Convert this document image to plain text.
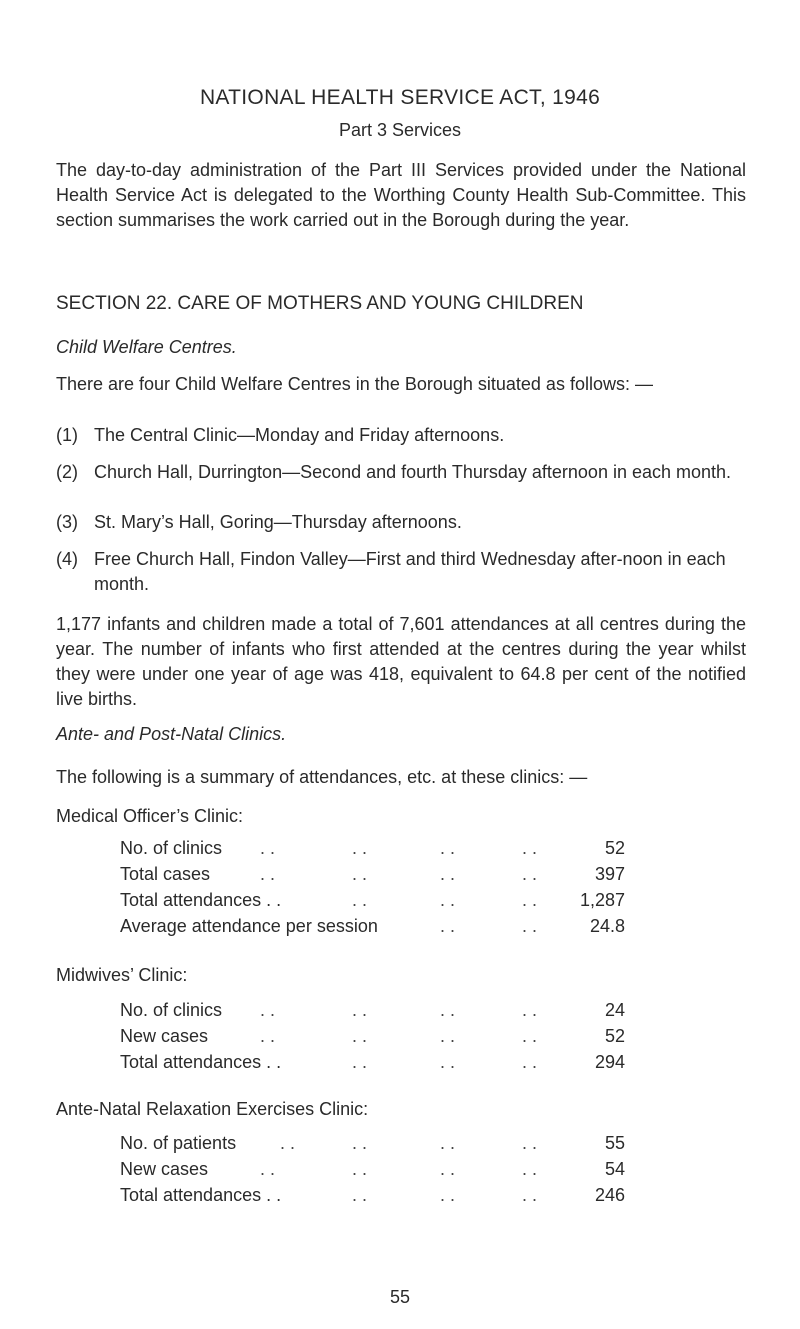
NATIONAL HEALTH SERVICE ACT, 1946
Part 3 Services
The day-to-day administration of the Part III Services provided under the National Health Service Act is delegated to the Worthing County Health Sub-Committee. This section summarises the work carried out in the Borough during the year.
SECTION 22. CARE OF MOTHERS AND YOUNG CHILDREN
Child Welfare Centres.
There are four Child Welfare Centres in the Borough situated as follows: —
(1) The Central Clinic—Monday and Friday afternoons.
(2) Church Hall, Durrington—Second and fourth Thursday afternoon in each month.
(3) St. Mary’s Hall, Goring—Thursday afternoons.
(4) Free Church Hall, Findon Valley—First and third Wednesday after-noon in each month.
1,177 infants and children made a total of 7,601 attendances at all centres during the year. The number of infants who first attended at the centres during the year whilst they were under one year of age was 418, equivalent to 64.8 per cent of the notified live births.
Ante- and Post-Natal Clinics.
The following is a summary of attendances, etc. at these clinics: —
Medical Officer’s Clinic:
No. of clinics . .	. .	. .	. .	52
Total cases	. .	. .	. .	. .	397
Total attendances . .	. .	. .	. . 1,287
Average attendance per session	. .	. .	24.8
Midwives’ Clinic:
No. of clinics . .	. .	. .	. .	24
New cases	. .	. .	. .	. .	52
Total attendances . .	. .	. .	. .	294
Ante-Natal Relaxation Exercises Clinic:
No. of patients . .	. .	. .	. .	55
New cases	. .	. .	. .	. .	54
Total attendances . .	. .	. .	. .	246
55
